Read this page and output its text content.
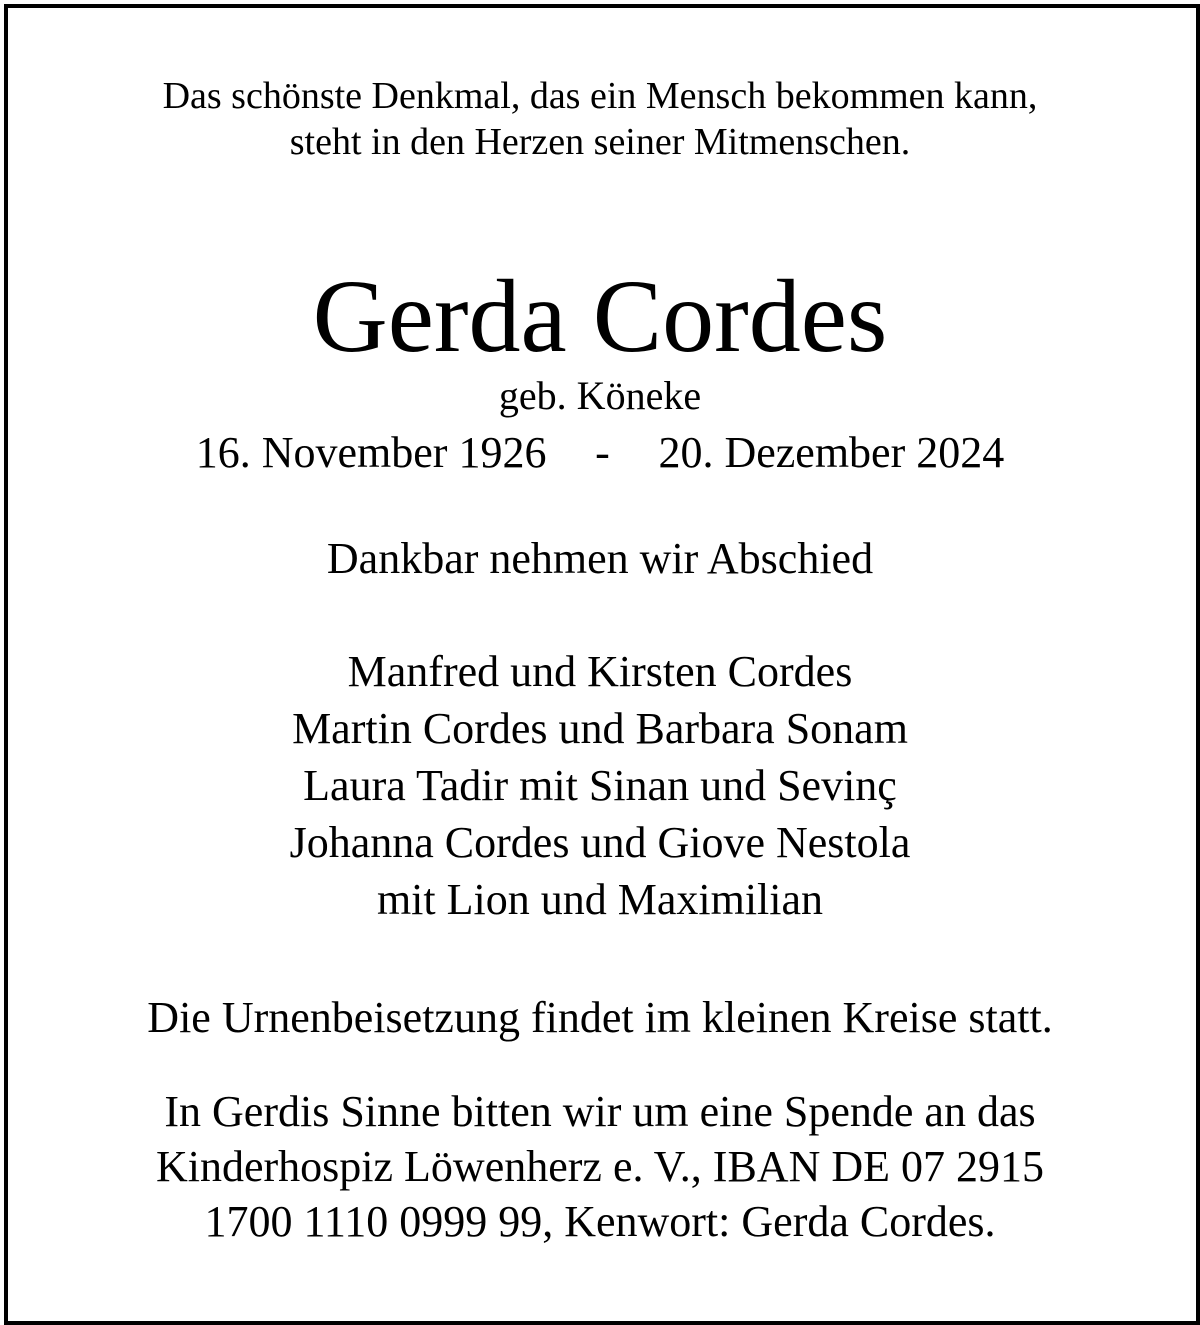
Das schönste Denkmal, das ein Mensch bekommen kann,
steht in den Herzen seiner Mitmenschen.
Gerda Cordes
geb. Köneke
16. November 1926 - 20. Dezember 2024
Dankbar nehmen wir Abschied
Manfred und Kirsten Cordes
Martin Cordes und Barbara Sonam
Laura Tadir mit Sinan und Sevinç
Johanna Cordes und Giove Nestola
mit Lion und Maximilian
Die Urnenbeisetzung findet im kleinen Kreise statt.
In Gerdis Sinne bitten wir um eine Spende an das
Kinderhospiz Löwenherz e. V., IBAN DE 07 2915
1700 1110 0999 99, Kenwort: Gerda Cordes.
